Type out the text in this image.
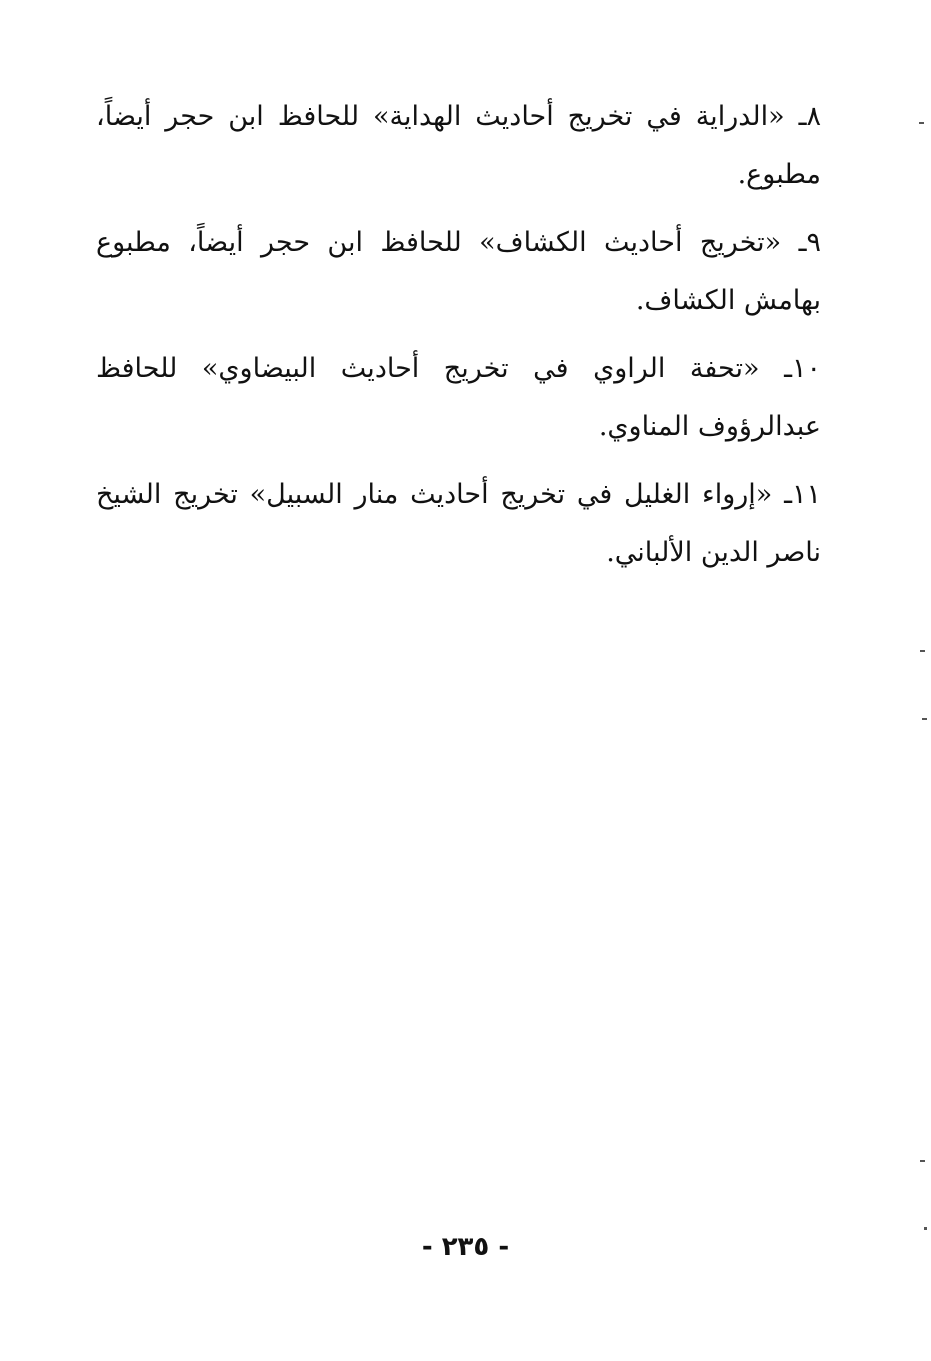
٨ـ «الدراية في تخريج أحاديث الهداية» للحافظ ابن حجر أيضاً، مطبوع.

٩ـ «تخريج أحاديث الكشاف» للحافظ ابن حجر أيضاً، مطبوع بهامش الكشاف.

١٠ـ «تحفة الراوي في تخريج أحاديث البيضاوي» للحافظ عبدالرؤوف المناوي.

١١ـ «إرواء الغليل في تخريج أحاديث منار السبيل» تخريج الشيخ ناصر الدين الألباني.

- ٢٣٥ -
